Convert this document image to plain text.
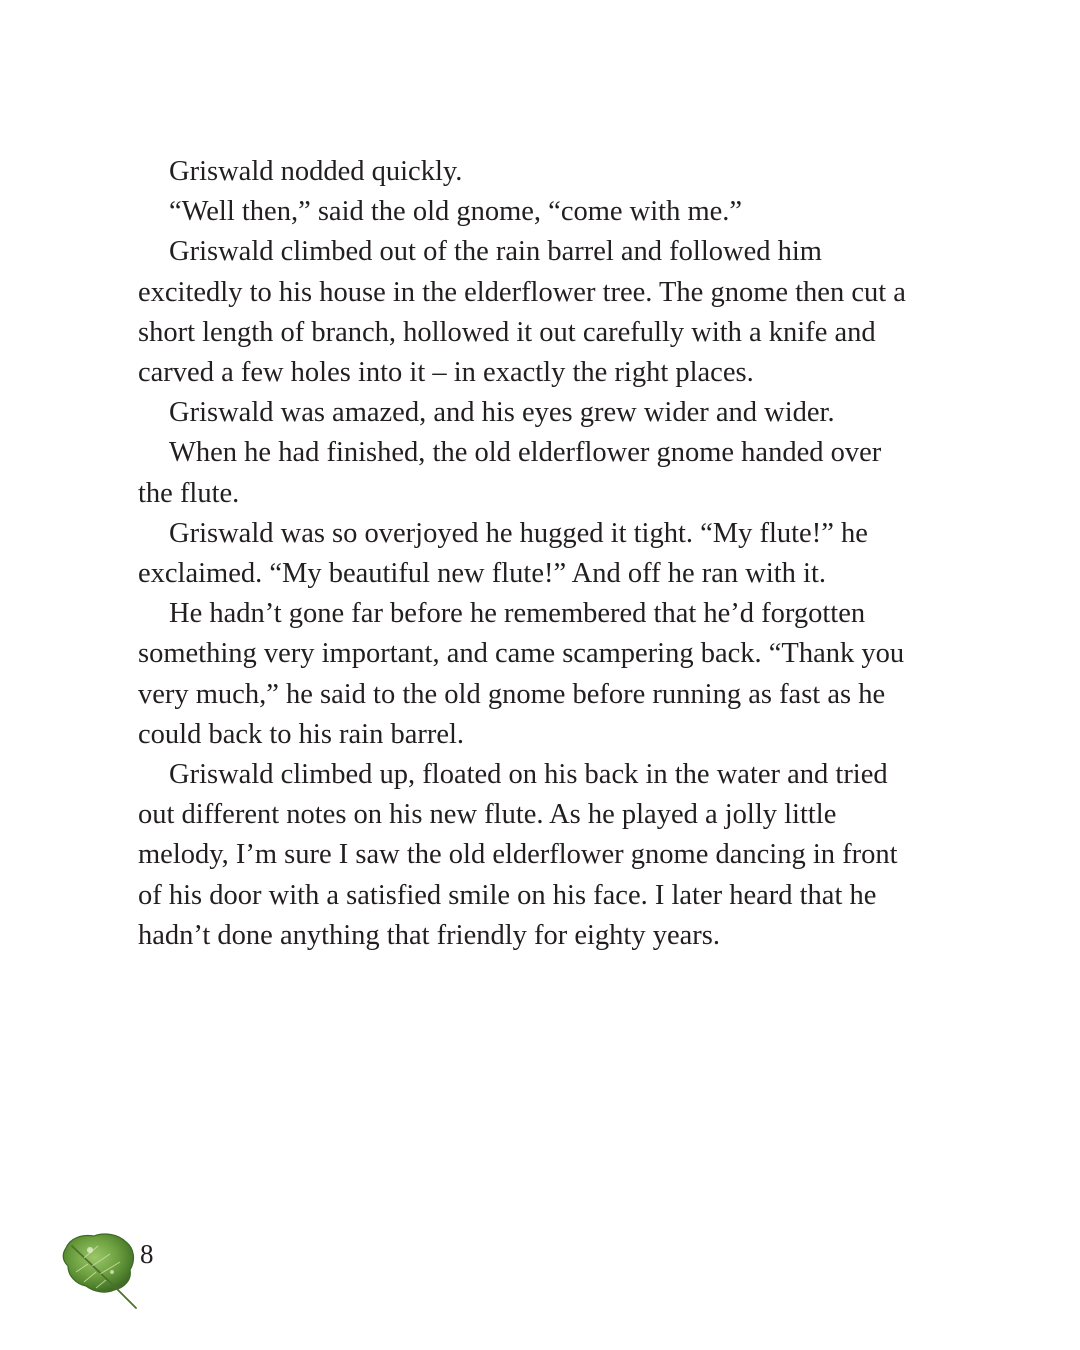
Griswald nodded quickly.

“Well then,” said the old gnome, “come with me.”

Griswald climbed out of the rain barrel and followed him excitedly to his house in the elderflower tree. The gnome then cut a short length of branch, hollowed it out carefully with a knife and carved a few holes into it – in exactly the right places.

Griswald was amazed, and his eyes grew wider and wider.

When he had finished, the old elderflower gnome handed over the flute.

Griswald was so overjoyed he hugged it tight. “My flute!” he exclaimed. “My beautiful new flute!” And off he ran with it.

He hadn’t gone far before he remembered that he’d forgotten something very important, and came scampering back. “Thank you very much,” he said to the old gnome before running as fast as he could back to his rain barrel.

Griswald climbed up, floated on his back in the water and tried out different notes on his new flute. As he played a jolly little melody, I’m sure I saw the old elderflower gnome dancing in front of his door with a satisfied smile on his face. I later heard that he hadn’t done anything that friendly for eighty years.

8
